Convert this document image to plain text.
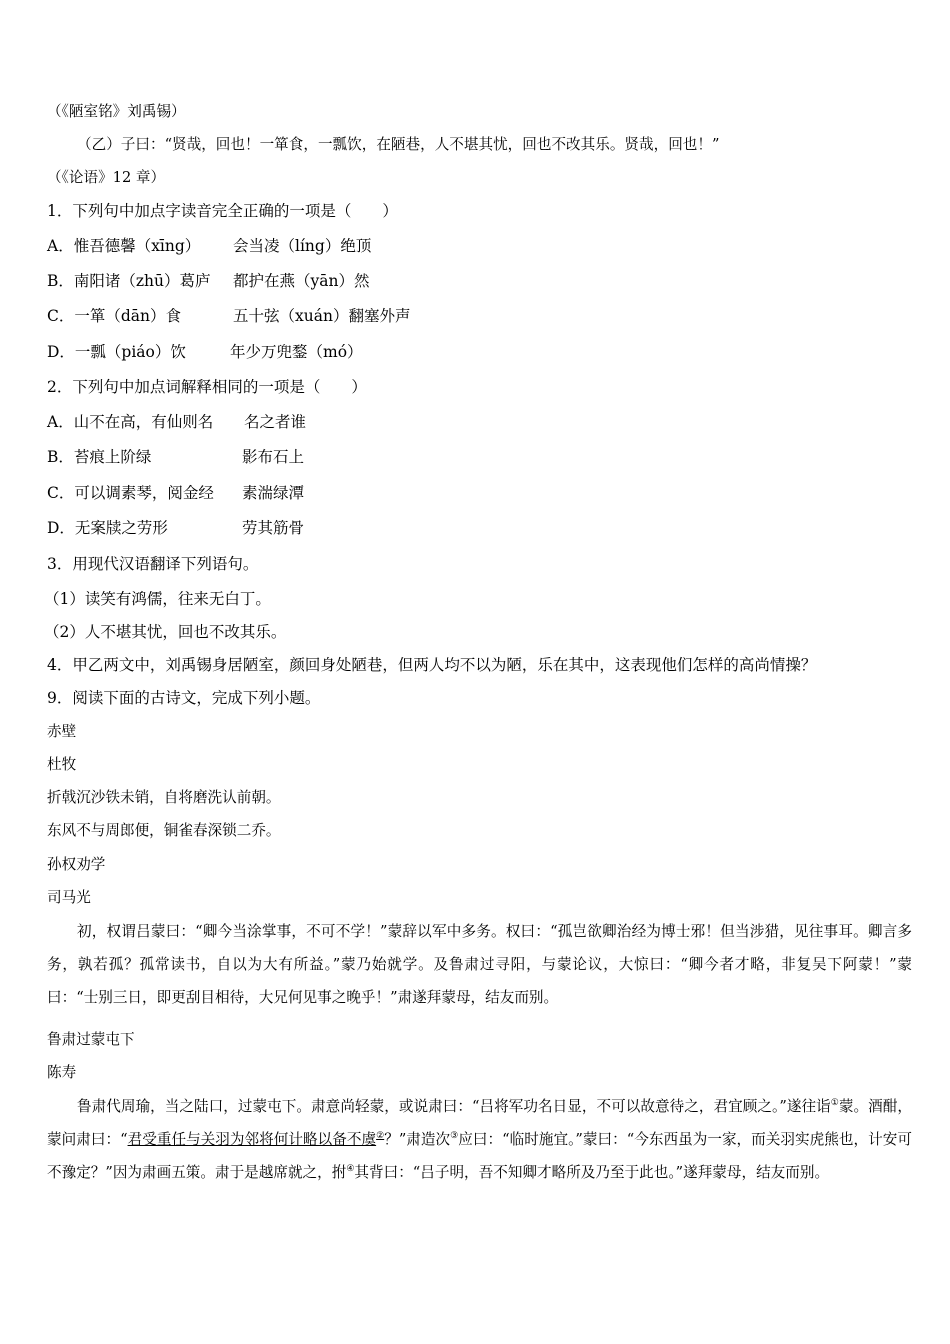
（《陋室铭》刘禹锡）
（乙）子曰：“贤哉，回也！一箪食，一瓢饮，在陋巷，人不堪其忧，回也不改其乐。贤哉，回也！”
（《论语》12 章）
1．下列句中加点字读音完全正确的一项是（　　）
A．惟吾德馨（xīng） 会当凌（líng）绝顶
B．南阳诸（zhū）葛庐 都护在燕（yān）然
C．一箪（dān）食	五十弦（xuán）翻塞外声
D．一瓢（piáo）饮	年少万兜鍪（mó）
2．下列句中加点词解释相同的一项是（　　）
A．山不在高，有仙则名 名之者谁
B．苔痕上阶绿	影布石上
C．可以调素琴，阅金经 素湍绿潭
D．无案牍之劳形	劳其筋骨
3．用现代汉语翻译下列语句。
（1）读笑有鸿儒，往来无白丁。
（2）人不堪其忧，回也不改其乐。
4．甲乙两文中，刘禹锡身居陋室，颜回身处陋巷，但两人均不以为陋，乐在其中，这表现他们怎样的高尚情操？
9．阅读下面的古诗文，完成下列小题。
赤壁
杜牧
折戟沉沙铁未销，自将磨洗认前朝。
东风不与周郎便，铜雀春深锁二乔。
孙权劝学
司马光
初，权谓吕蒙曰：“卿今当涂掌事，不可不学！”蒙辞以军中多务。权曰：“孤岂欲卿治经为博士邪！但当涉猎，见往事耳。卿言多务，孰若孤？孤常读书，自以为大有所益。”蒙乃始就学。及鲁肃过寻阳，与蒙论议，大惊曰：“卿今者才略，非复吴下阿蒙！”蒙曰：“士别三日，即更刮目相待，大兄何见事之晚乎！”肃遂拜蒙母，结友而别。
鲁肃过蒙屯下
陈寿
鲁肃代周瑜，当之陆口，过蒙屯下。肃意尚轻蒙，或说肃曰：“吕将军功名日显，不可以故意待之，君宜顾之。”遂往诣①蒙。酒酣，蒙问肃曰：“君受重任与关羽为邻将何计略以备不虞②？”肃造次③应曰：“临时施宜。”蒙曰：“今东西虽为一家，而关羽实虎熊也，计安可不豫定？”因为肃画五策。肃于是越席就之，拊④其背曰：“吕子明，吾不知卿才略所及乃至于此也。”遂拜蒙母，结友而别。
